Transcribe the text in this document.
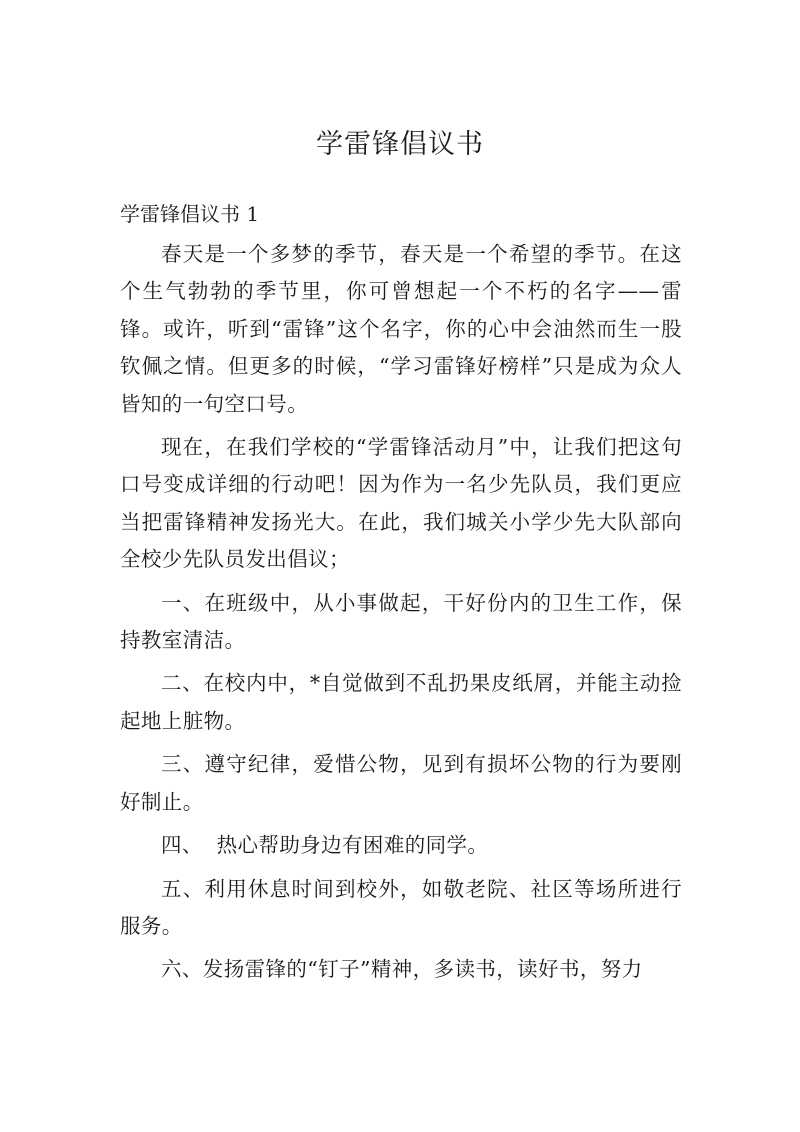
学雷锋倡议书

学雷锋倡议书 1

春天是一个多梦的季节，春天是一个希望的季节。在这个生气勃勃的季节里，你可曾想起一个不朽的名字——雷锋。或许，听到“雷锋”这个名字，你的心中会油然而生一股钦佩之情。但更多的时候，“学习雷锋好榜样”只是成为众人皆知的一句空口号。

现在，在我们学校的“学雷锋活动月”中，让我们把这句口号变成详细的行动吧！因为作为一名少先队员，我们更应当把雷锋精神发扬光大。在此，我们城关小学少先大队部向全校少先队员发出倡议；

一、在班级中，从小事做起，干好份内的卫生工作，保持教室清洁。

二、在校内中，*自觉做到不乱扔果皮纸屑，并能主动捡起地上脏物。

三、遵守纪律，爱惜公物，见到有损坏公物的行为要刚好制止。

四、  热心帮助身边有困难的同学。

五、利用休息时间到校外，如敬老院、社区等场所进行服务。

六、发扬雷锋的“钉子”精神，多读书，读好书，努力
